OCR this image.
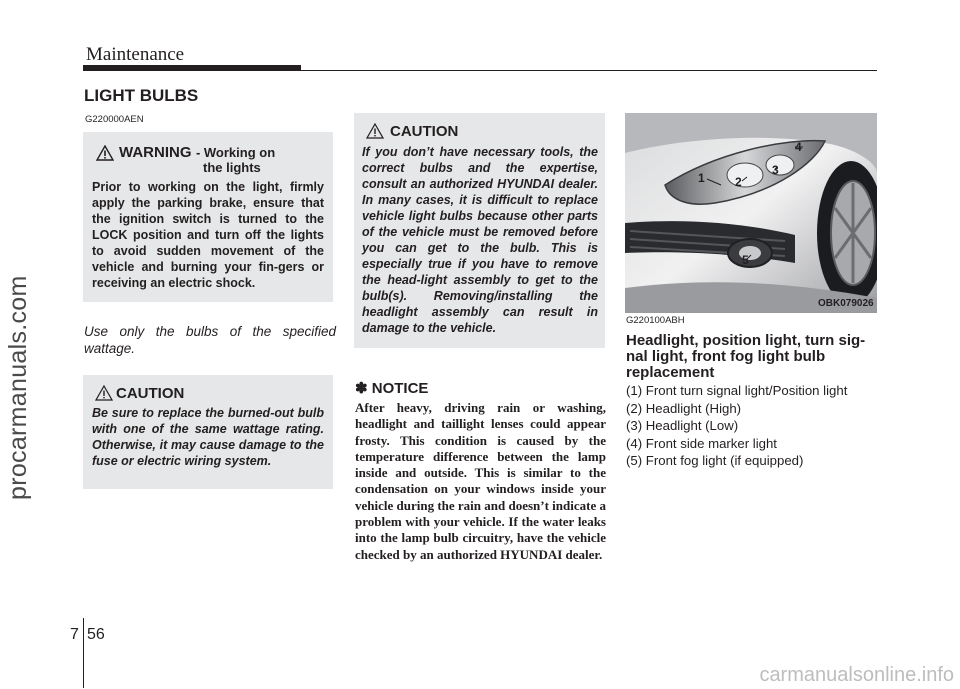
Maintenance
procarmanuals.com
carmanualsonline.info
LIGHT BULBS
G220000AEN
WARNING - Working on
the lights
Prior to working on the light, firmly apply the parking brake, ensure that the ignition switch is turned to the LOCK position and turn off the lights to avoid sudden movement of the vehicle and burning your fin-gers or receiving an electric shock.
Use only the bulbs of the specified wattage.
CAUTION
Be sure to replace the burned-out bulb with one of the same wattage rating. Otherwise, it may cause damage to the fuse or electric wiring system.
CAUTION
If you don’t have necessary tools, the correct bulbs and the expertise, consult an authorized HYUNDAI dealer. In many cases, it is difficult to replace vehicle light bulbs because other parts of the vehicle must be removed before you can get to the bulb. This is especially true if you have to remove the head-light assembly to get to the bulb(s). Removing/installing the headlight assembly can result in damage to the vehicle.
✽ NOTICE
After heavy, driving rain or washing, headlight and taillight lenses could appear frosty. This condition is caused by the temperature difference between the lamp inside and outside. This is similar to the condensation on your windows inside your vehicle during the rain and doesn’t indicate a problem with your vehicle. If the water leaks into the lamp bulb circuitry, have the vehicle checked by an authorized HYUNDAI dealer.
1	2
3
4
5
OBK079026
G220100ABH
Headlight, position light, turn sig-nal light, front fog light bulb replacement
(1) Front turn signal light/Position light
(2) Headlight (High)
(3) Headlight (Low)
(4) Front side marker light
(5) Front fog light (if equipped)
7 56
